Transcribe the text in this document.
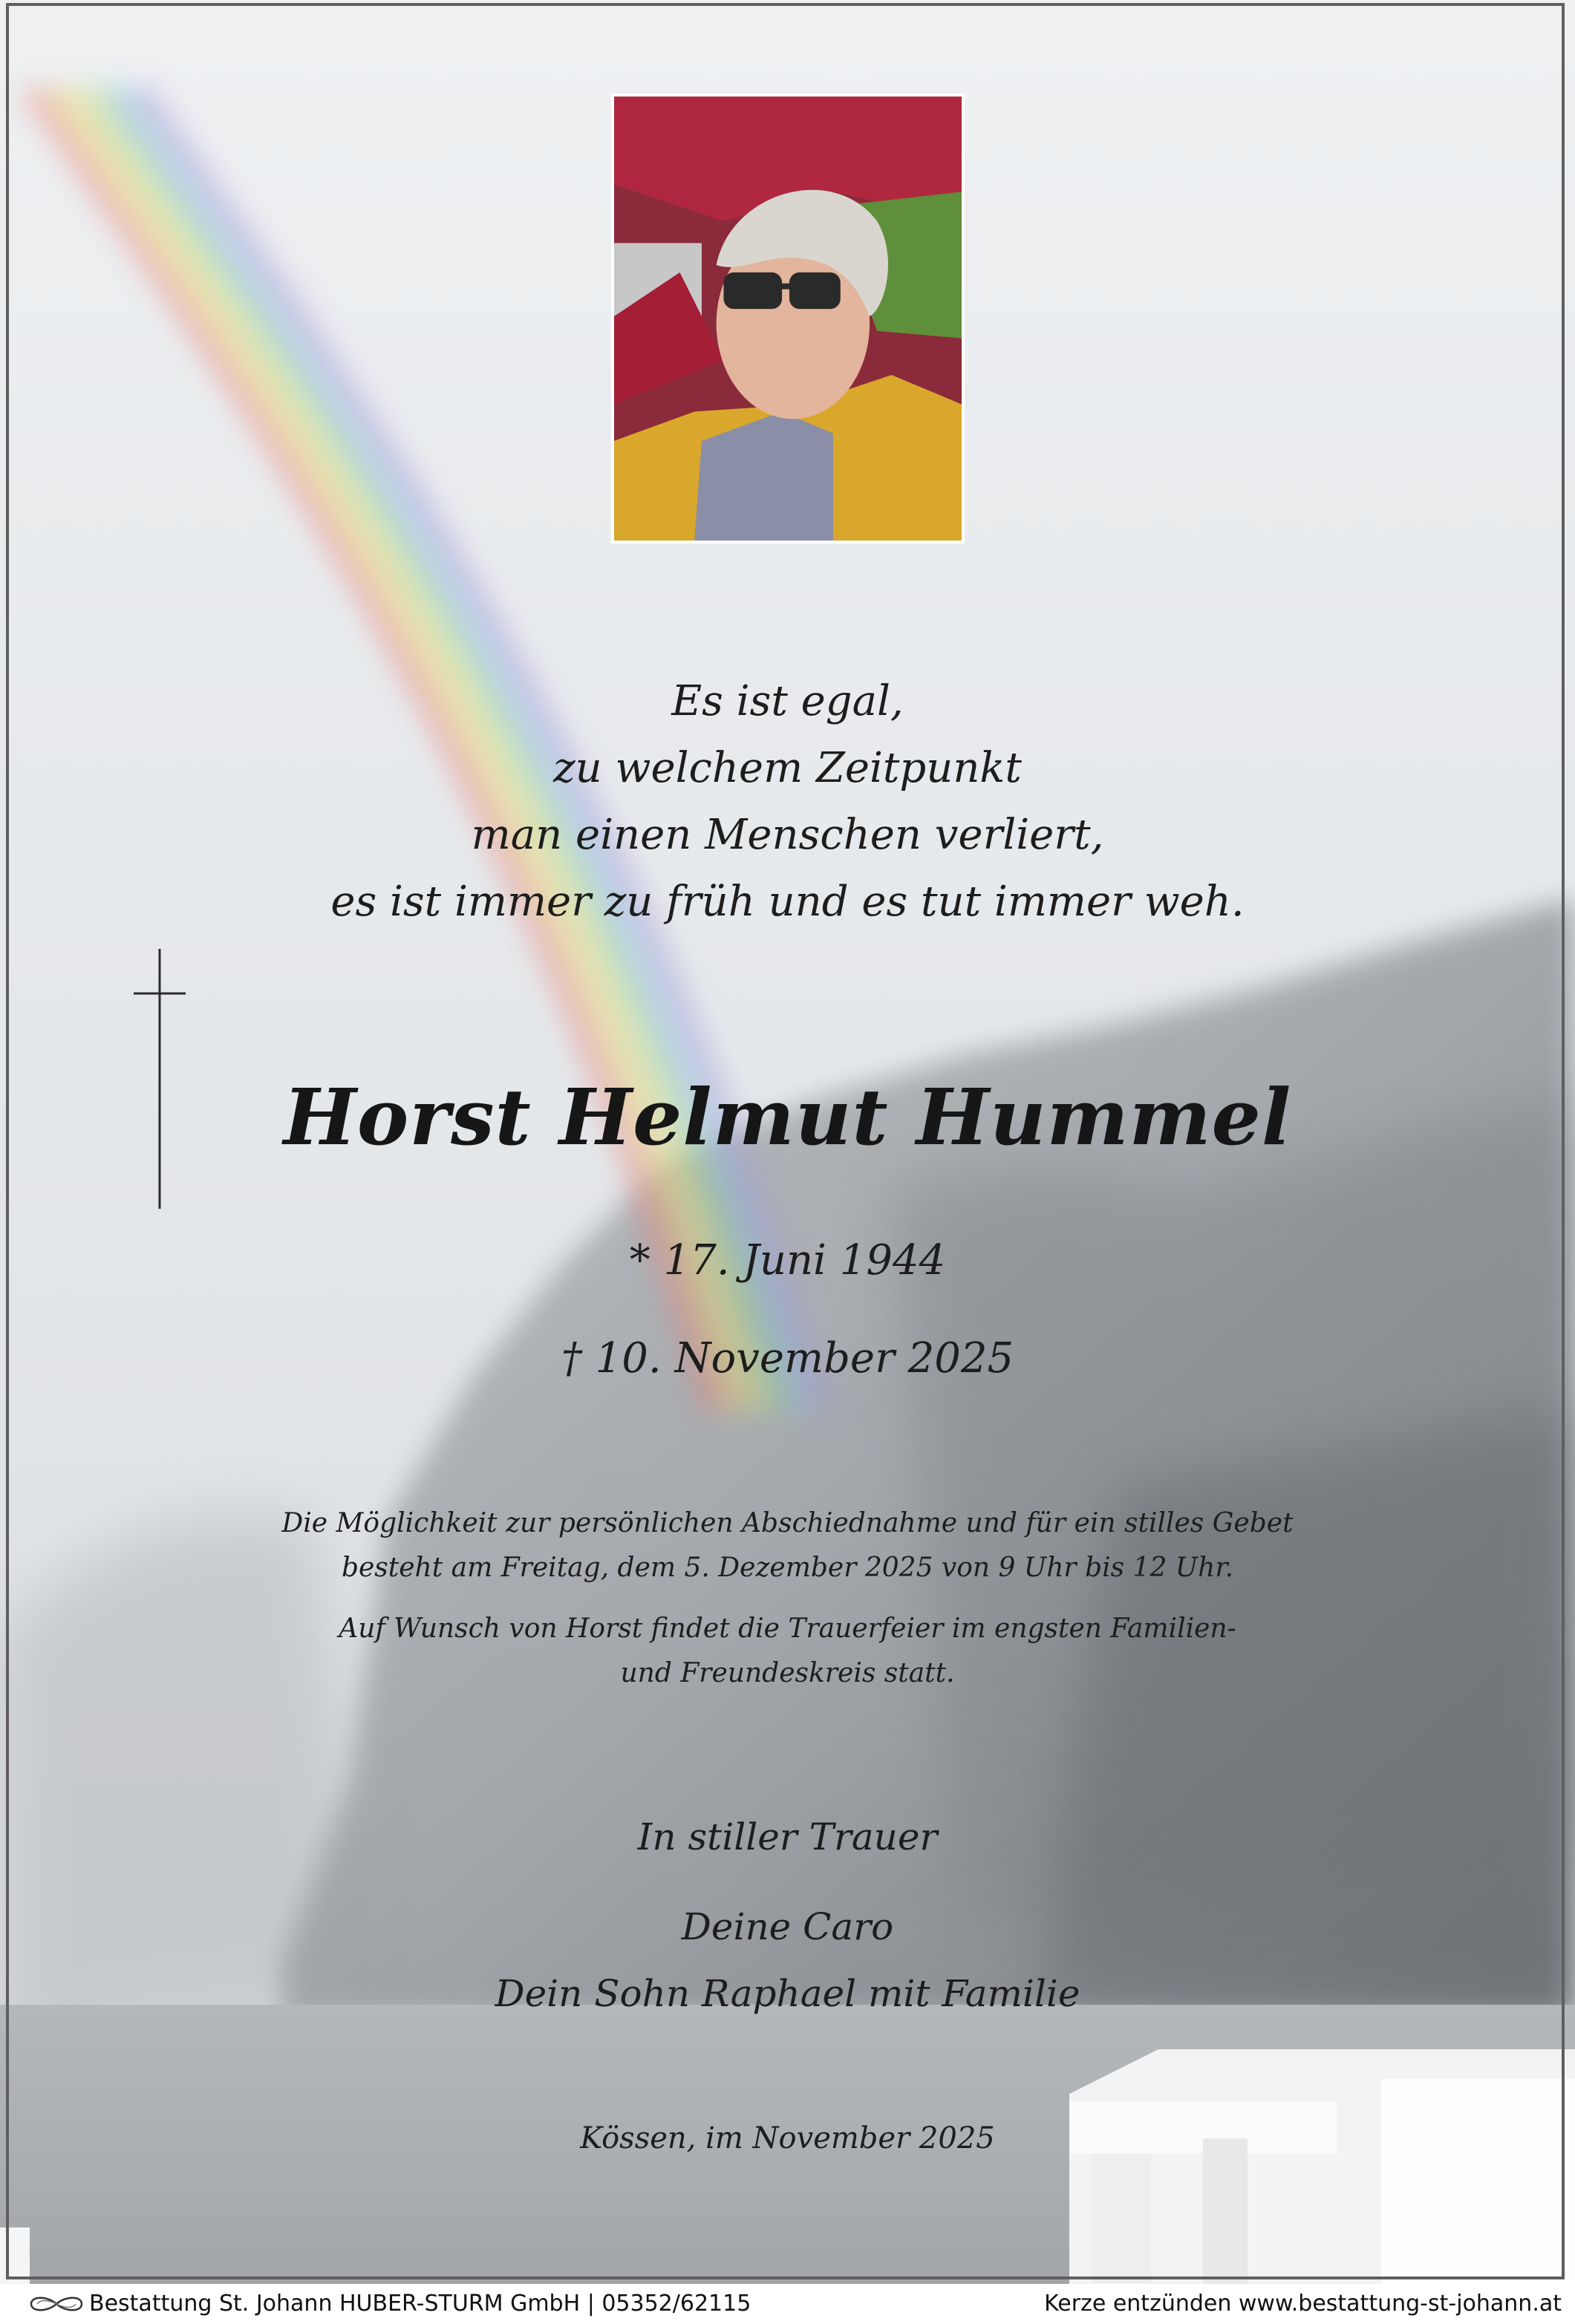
Es ist egal,
zu welchem Zeitpunkt
man einen Menschen verliert,
es ist immer zu früh und es tut immer weh.
Horst Helmut Hummel

* 17. Juni 1944

† 10. November 2025

Die Möglichkeit zur persönlichen Abschiednahme und für ein stilles Gebet
besteht am Freitag, dem 5. Dezember 2025 von 9 Uhr bis 12 Uhr.
Auf Wunsch von Horst findet die Trauerfeier im engsten Familien-
und Freundeskreis statt.

In stiller Trauer

Deine Caro
Dein Sohn Raphael mit Familie

Kössen, im November 2025

Bestattung St. Johann HUBER-STURM GmbH | 05352/62115	Kerze entzünden www.bestattung-st-johann.at
